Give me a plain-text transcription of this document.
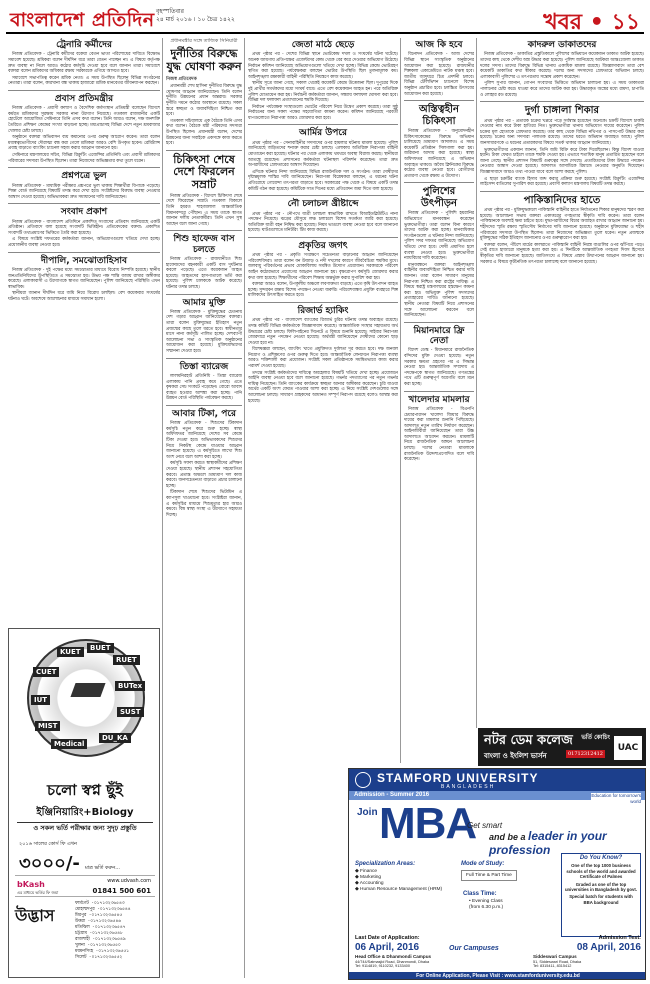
বাংলাদেশ প্রতিদিন বৃহস্পতিবার
২৪ মার্চ ২০১৬ । ১০ চৈত্র ১৪২২	খবর • ১১
ট্রেনারি কর্মীদের

নিজস্ব প্রতিবেদক - ট্রেনারি কর্মীদের বকেয়া বেতন ভাতা পরিশোধের দাবিতে বিক্ষোভ সমাবেশ হয়েছে। শ্রমিকরা বলেন দীর্ঘদিন ধরে তারা বেতন পাচ্ছেন না। এ বিষয়ে কর্তৃপক্ষ দ্রুত ব্যবস্থা না নিলে আরও কঠোর কর্মসূচি দেওয়া হবে বলে জানান তারা। সমাবেশে বক্তারা বলেন শ্রমিকদের অধিকার রক্ষায় সরকারকে এগিয়ে আসতে হবে।

সমাবেশে সভাপতিত্ব করেন শ্রমিক নেতা। এ সময় উপস্থিত ছিলেন বিভিন্ন সংগঠনের নেতারা। তারা বলেন, কারখানা বন্ধ থাকায় হাজারো শ্রমিক মানবেতর জীবনযাপন করছেন।

প্রবাস প্রতিমন্ত্রীর

নিজস্ব প্রতিবেদক - প্রবাসী কল্যাণ ও বৈদেশিক কর্মসংস্থান প্রতিমন্ত্রী বলেছেন বিদেশে কর্মরত শ্রমিকদের সুরক্ষায় সরকার নানা উদ্যোগ নিয়েছে। গতকাল রাজধানীর একটি হোটেলে আয়োজিত সেমিনারে তিনি এসব কথা বলেন। তিনি আরও বলেন, দক্ষ জনশক্তি তৈরিতে প্রশিক্ষণ কেন্দ্রের সংখ্যা বাড়ানো হচ্ছে। মধ্যপ্রাচ্যসহ বিভিন্ন দেশে নতুন শ্রমবাজার খোলার চেষ্টা চলছে।

অনুষ্ঠানে বক্তারা অভিবাসন ব্যয় কমানোর ওপর গুরুত্ব আরোপ করেন। তারা বলেন মধ্যস্বত্বভোগীদের দৌরাত্ম্য বন্ধ করা গেলে শ্রমিকরা আরও বেশি উপকৃত হবেন। রেমিট্যান্স প্রবাহ বাড়াতে ব্যাংকিং চ্যানেল সহজ করার আহ্বান জানানো হয়।

সেমিনারে মন্ত্রণালয়ের সচিব, বিভিন্ন রিক্রুটিং এজেন্সির প্রতিনিধি এবং প্রবাসী শ্রমিকদের পরিবারের সদস্যরা উপস্থিত ছিলেন। তারা নিজেদের অভিজ্ঞতার কথা তুলে ধরেন।

প্রশ্নপত্রে ভুল

নিজস্ব প্রতিবেদক - মাধ্যমিক পরীক্ষার প্রশ্নপত্রে ভুল থাকায় শিক্ষার্থীরা বিপাকে পড়েছে। শিক্ষা বোর্ড জানিয়েছে বিষয়টি তদন্ত করে দেখা হবে। সংশ্লিষ্টদের বিরুদ্ধে ব্যবস্থা নেওয়ার আশ্বাস দেওয়া হয়েছে। অভিভাবকরা দ্রুত সমাধানের দাবি জানিয়েছেন।

সংবাদ প্রকাশ

নিজস্ব প্রতিবেদক - বাংলাদেশ প্রতিদিনে প্রকাশিত সংবাদের প্রতিবাদ জানিয়েছে একটি প্রতিষ্ঠান। প্রতিবাদে বলা হয়েছে সংবাদটি ভিত্তিহীন। প্রতিবেদকের বক্তব্য: প্রকাশিত সংবাদটি তথ্যপ্রমাণের ভিত্তিতে তৈরি করা হয়েছে।

এ বিষয়ে সংশ্লিষ্ট দফতরের কর্মকর্তারা জানান, অভিযোগগুলো খতিয়ে দেখা হচ্ছে। প্রয়োজনীয় ব্যবস্থা নেওয়া হবে।

দীপালি, সমঝোতাহিসাব

নিজস্ব প্রতিবেদক - দুই পক্ষের মধ্যে সমঝোতার মাধ্যমে বিরোধ নিষ্পত্তি হয়েছে। স্থানীয় জনপ্রতিনিধিদের উপস্থিতিতে এ সমঝোতা হয়। উভয় পক্ষ শান্তি বজায় রাখার অঙ্গীকার করেছে। এলাকাবাসী এ উদ্যোগকে স্বাগত জানিয়েছেন। পুলিশ জানিয়েছে পরিস্থিতি এখন স্বাভাবিক।

স্থানীয়রা জানান দীর্ঘদিন ধরে জমি নিয়ে বিরোধ চলছিল। বেশ কয়েকবার সংঘর্ষের ঘটনাও ঘটে। অবশেষে আলোচনার মাধ্যমে সমাধান হলো।

CUET
KUET	BUET
RUET
BUTex
IUT
SUST
MIST
Medical
DU_KA
চলো স্বপ্ন ছুঁই
ইঞ্জিনিয়ারিং+Biology
ও সকল ভর্তি পরীক্ষার জন্য সুদৃঢ় প্রস্তুতি
২০১৬ সালের কোর্স ফি এখন
৩০০০/- মাত্র ভর্তি করুন...
bKash
এর মাধ্যমে ভর্তির ফি জমা
www.udvash.com
01841 500 601
উদ্ভাস
ফার্মগেট -০১৭১৩২৩৬৫৪৩
মোহাম্মদপুর -০১৭১৩২৩৬৫৪৪
মিরপুর -০১৭১৩২৩৬৫৪৫
উত্তরা -০১৭১৩২৩৬৫৪৬
মতিঝিল -০১৭১৩২৩৬৫৪৭
চট্টগ্রাম -০১৭১৩২৩৬৫৪৮
রাজশাহী -০১৭১৩২৩৬৫৪৯
খুলনা -০১৭১৩২৩৬৫৫০
ময়মনসিংহ -০১৭১৩২৩৬৫৫১
সিলেট -০১৭১৩২৩৬৫৫২
প্রধানমন্ত্রীর সঙ্গে তাজিক সিনিয়ারী
দুর্নীতির বিরুদ্ধে যুদ্ধ ঘোষণা করুন
নিজস্ব প্রতিবেদক

প্রধানমন্ত্রী শেখ হাসিনা দুর্নীতির বিরুদ্ধে যুদ্ধ ঘোষণার আহ্বান জানিয়েছেন। তিনি বলেন দুর্নীতি উন্নয়নের প্রধান অন্তরায়। সরকার দুর্নীতি দমনে কঠোর অবস্থানে রয়েছে। সকল স্তরে স্বচ্ছতা ও জবাবদিহিতা নিশ্চিত করা হবে।

গতকাল সচিবালয়ে এক বৈঠকে তিনি এসব কথা বলেন। বৈঠকে মন্ত্রী পরিষদের সদস্যরা উপস্থিত ছিলেন। প্রধানমন্ত্রী বলেন, দেশের উন্নয়নের জন্য সবাইকে একসঙ্গে কাজ করতে হবে।

চিকিৎসা শেষে দেশে ফিরলেন সম্রাট

নিজস্ব প্রতিবেদক - বিদেশে চিকিৎসা শেষে দেশে ফিরেছেন সম্রাট। গতকাল বিকালে তিনি হযরত শাহজালাল আন্তর্জাতিক বিমানবন্দরে পৌঁছান। এ সময় তাকে স্বাগত জানান দলীয় নেতাকর্মীরা। তিনি এখন সুস্থ আছেন বলে জানা গেছে।

শিশু হাফেজ বাস চলতে

নিজস্ব প্রতিবেদক - রাজধানীতে শিশু হাফেজদের বহনকারী একটি বাস দুর্ঘটনার কবলে পড়েছে। এতে কয়েকজন আহত হয়েছে। আহতদের হাসপাতালে ভর্তি করা হয়েছে। পুলিশ চালককে আটক করেছে। ঘটনার তদন্ত চলছে।

আমার মুক্তি

নিজস্ব প্রতিবেদক - মুক্তিযুদ্ধের চেতনায় দেশ গড়ার আহ্বান জানিয়েছেন বক্তারা। তারা বলেন মুক্তিযুদ্ধের ইতিহাস নতুন প্রজন্মের কাছে তুলে ধরতে হবে। স্বাধীনতার মাসে নানা কর্মসূচি পালিত হচ্ছে। দেশব্যাপী আলোচনা সভা ও সাংস্কৃতিক অনুষ্ঠানের আয়োজন করা হয়েছে। মুক্তিযোদ্ধাদের সম্মাননা দেওয়া হবে।

তিস্তা ব্যারেজ

লালমনিরহাট প্রতিনিধি - তিস্তা ব্যারেজ এলাকায় পানি প্রবাহ কমে গেছে। এতে কৃষকরা সেচ সংকটে পড়েছেন। বোরো আবাদ ব্যাহত হওয়ার আশঙ্কা করা হচ্ছে। পানি উন্নয়ন বোর্ড পরিস্থিতি পর্যবেক্ষণ করছে।

আবার টিকা, পরে

নিজস্ব প্রতিবেদক - শিশুদের টিকাদান কর্মসূচি নতুন করে শুরু হচ্ছে। স্বাস্থ্য অধিদফতর জানিয়েছে দেশের সব কেন্দ্রে টিকা দেওয়া হবে। অভিভাবকদের শিশুদের নিয়ে নিকটস্থ কেন্দ্রে যাওয়ার আহ্বান জানানো হয়েছে। এ কর্মসূচিতে লাখো শিশু অংশ নেবে বলে আশা করা হচ্ছে।

কর্মসূচি সফল করতে স্বাস্থ্যকর্মীদের প্রশিক্ষণ দেওয়া হয়েছে। স্থানীয় প্রশাসন সহযোগিতা করবে। প্রত্যন্ত অঞ্চলে ভ্রাম্যমাণ দল কাজ করবে। জনসচেতনতা বাড়াতে প্রচার চালানো হচ্ছে।

টিকাদান শেষে শিশুদের ভিটামিন এ ক্যাপসুল খাওয়ানো হবে। সংশ্লিষ্টরা জানান, এ কর্মসূচির মাধ্যমে শিশুমৃত্যুর হার আরও কমবে। বিশ্ব স্বাস্থ্য সংস্থা এ উদ্যোগে সহায়তা দিচ্ছে।

জেতা মাঠে ছেড়ে

প্রথম পৃষ্ঠার পর - দেশের বিভিন্ন স্থানে ভোটকেন্দ্র দখল ও সংঘর্ষের ঘটনা ঘটেছে। অনেক জায়গায় প্রতিপক্ষের এজেন্টদের কেন্দ্র থেকে বের করে দেওয়ার অভিযোগ উঠেছে। নির্বাচন কমিশন জানিয়েছে অভিযোগগুলো খতিয়ে দেখা হচ্ছে। বিভিন্ন কেন্দ্রে ভোটগ্রহণ স্থগিত করা হয়েছে। পর্যবেক্ষকরা বলছেন ভোটার উপস্থিতি ছিল তুলনামূলক কম। আইনশৃঙ্খলা রক্ষাকারী বাহিনী পরিস্থিতি নিয়ন্ত্রণে কাজ করেছে।

স্থানীয় সূত্রে জানা গেছে, সকাল থেকেই কয়েকটি কেন্দ্রে উত্তেজনা ছিল। দুপুরের দিকে দুই প্রার্থীর সমর্থকদের মধ্যে সংঘর্ষ বাধে। এতে বেশ কয়েকজন আহত হন। পরে অতিরিক্ত পুলিশ মোতায়েন করা হয়। নির্বাচনী কর্মকর্তারা জানান, সন্ধ্যায় ফলাফল ঘোষণা করা হবে। বিভিন্ন দল ফলাফল প্রত্যাখ্যানের হুমকি দিয়েছে।

নির্বাচন পর্যবেক্ষক সংস্থাগুলো ভোটের পরিবেশ নিয়ে উদ্বেগ প্রকাশ করেছে। তারা সুষ্ঠু নির্বাচনের জন্য সকল পক্ষের সহযোগিতা কামনা করেন। কমিশন জানিয়েছে পরবর্তী ধাপগুলোতে নিরাপত্তা আরও জোরদার করা হবে।

আর্মির উপরে

প্রথম পৃষ্ঠার পর - সেনাবাহিনীর সদস্যদের ওপর হামলার ঘটনায় মামলা হয়েছে। পুলিশ জানিয়েছে জড়িতদের শনাক্ত করার চেষ্টা চলছে। এলাকায় অতিরিক্ত নিরাপত্তা বাহিনী মোতায়েন করা হয়েছে। ঘটনার পর থেকে এলাকায় থমথমে অবস্থা বিরাজ করছে। স্থানীয়রা আতঙ্কে রয়েছেন। প্রশাসনের কর্মকর্তারা ঘটনাস্থল পরিদর্শন করেছেন। তারা দ্রুত অপরাধীদের গ্রেফতারের আশ্বাস দিয়েছেন।

এদিকে ঘটনার নিন্দা জানিয়েছে বিভিন্ন রাজনৈতিক দল ও সংগঠন। তারা দোষীদের দৃষ্টান্তমূলক শাস্তির দাবি জানিয়েছেন। নিরাপত্তা বিশ্লেষকরা বলছেন, এ ধরনের ঘটনা প্রতিরোধে গোয়েন্দা তৎপরতা বাড়াতে হবে। সরকারের পক্ষ থেকে এ বিষয়ে একটি তদন্ত কমিটি গঠন করা হয়েছে। কমিটিকে সাত দিনের মধ্যে প্রতিবেদন জমা দিতে বলা হয়েছে।

নৌ চলাচল খ্রীষ্টাব্দে

প্রথম পৃষ্ঠার পর - নৌপথে যাত্রী চলাচল স্বাভাবিক রাখতে বিআইডব্লিউটিএ নানা পদক্ষেপ নিয়েছে। ঝড়ের মৌসুমে লঞ্চ চলাচলে বিশেষ সতর্কতা জারি করা হয়েছে। অতিরিক্ত যাত্রী বহন নিষিদ্ধ করা হয়েছে। নিয়ম ভাঙলে ব্যবস্থা নেওয়া হবে বলে জানানো হয়েছে। ঘাটগুলোতে মনিটরিং টিম কাজ করছে।

প্রকৃতির জগৎ

প্রথম পৃষ্ঠার পর - প্রকৃতি সংরক্ষণে সচেতনতা বাড়ানোর আহ্বান জানিয়েছেন পরিবেশবিদরা। তারা বলেন বন উজাড় ও নদী দখলের কারণে জীববৈচিত্র্য হুমকির মুখে। জলবায়ু পরিবর্তনের প্রভাব মোকাবিলায় সমন্বিত উদ্যোগ প্রয়োজন। সরকারকে পরিবেশ আইন কঠোরভাবে প্রয়োগের আহ্বান জানানো হয়। বৃক্ষরোপণ কর্মসূচি জোরদার করার কথা বলা হয়েছে। শিক্ষার্থীদের পরিবেশ শিক্ষায় অন্তর্ভুক্ত করার সুপারিশ করা হয়।

বক্তারা আরও বলেন, উপকূলীয় অঞ্চলে লবণাক্ততা বাড়ছে। এতে কৃষি উৎপাদন ব্যাহত হচ্ছে। সুন্দরবন রক্ষায় বিশেষ পদক্ষেপ নেওয়া জরুরি। পরিবেশবান্ধব প্রযুক্তি ব্যবহারে শিল্প মালিকদের উৎসাহিত করতে হবে।

রিজার্ভ হ্যাকিং

প্রথম পৃষ্ঠার পর - বাংলাদেশ ব্যাংকের রিজার্ভ চুরির ঘটনায় তদন্ত অব্যাহত রয়েছে। তদন্ত কমিটি বিভিন্ন কর্মকর্তাকে জিজ্ঞাসাবাদ করেছে। আন্তর্জাতিক সংস্থার সহায়তায় অর্থ উদ্ধারের চেষ্টা চলছে। ফিলিপাইনের সিনেটে এ বিষয়ে শুনানি হয়েছে। সাইবার নিরাপত্তা জোরদারে নতুন পদক্ষেপ নেওয়া হয়েছে। অর্থমন্ত্রী জানিয়েছেন দোষীদের কোনো ছাড় দেওয়া হবে না।

বিশেষজ্ঞরা বলছেন, ব্যাংকিং খাতে প্রযুক্তিগত দুর্বলতা দূর করতে হবে। দক্ষ জনবল নিয়োগ ও প্রশিক্ষণের ওপর গুরুত্ব দিতে হবে। আন্তর্জাতিক লেনদেনে নিরাপত্তা ব্যবস্থা আরও শক্তিশালী করা প্রয়োজন। সংশ্লিষ্ট সকল প্রতিষ্ঠানকে সমন্বিতভাবে কাজ করার পরামর্শ দেওয়া হয়েছে।

তদন্তে সংশ্লিষ্ট কর্মকর্তাদের দায়িত্বে অবহেলার বিষয়টি খতিয়ে দেখা হচ্ছে। প্রয়োজনে আইনি ব্যবস্থা নেওয়া হবে বলে জানানো হয়েছে। গভর্নর পদত্যাগের পর নতুন গভর্নর দায়িত্ব নিয়েছেন। তিনি ব্যাংকের কার্যক্রমে স্বচ্ছতা আনার অঙ্গীকার করেছেন। চুরি যাওয়া অর্থের একটি অংশ ফেরত পাওয়ার আশা করা হচ্ছে। এ নিয়ে সংশ্লিষ্ট দেশগুলোর সঙ্গে আলোচনা চলছে। সাধারণ গ্রাহকদের আমানত সম্পূর্ণ নিরাপদ রয়েছে বলেও আশ্বস্ত করা হয়েছে।

আজ কি হবে

বিনোদন প্রতিবেদক - আজ দেশের বিভিন্ন স্থানে সাংস্কৃতিক অনুষ্ঠানের আয়োজন করা হয়েছে। রাজধানীর শিল্পকলা একাডেমিতে নাটক মঞ্চস্থ হবে। জাতীয় জাদুঘরে চিত্র প্রদর্শনী চলবে। বিভিন্ন টেলিভিশন চ্যানেলে বিশেষ অনুষ্ঠান প্রচারিত হবে। চলচ্চিত্র উৎসবের আয়োজন করা হয়েছে।

অস্তিত্বহীন চিকিৎসা

নিজস্ব প্রতিবেদক - অনুমোদনহীন চিকিৎসাকেন্দ্রের বিরুদ্ধে অভিযান চালিয়েছে ভ্রাম্যমাণ আদালত। এ সময় কয়েকটি প্রতিষ্ঠান সিলগালা করা হয়। জরিমানা আদায় করা হয়েছে। স্বাস্থ্য অধিদফতর জানিয়েছে এ অভিযান অব্যাহত থাকবে। অবৈধ ক্লিনিকের বিরুদ্ধে কঠোর ব্যবস্থা নেওয়া হবে। রোগীদের প্রতারণা থেকে রক্ষায় এ উদ্যোগ।

পুলিশের উৎপীড়ন

নিজস্ব প্রতিবেদক - পুলিশি হয়রানির অভিযোগে মানববন্ধন করেছেন ভুক্তভোগীরা। তারা বলেন বিনা কারণে তাদের আটক করা হচ্ছে। মানবাধিকার সংগঠনগুলো এ ঘটনার নিন্দা জানিয়েছে। পুলিশ সদর দফতর জানিয়েছে অভিযোগ খতিয়ে দেখা হবে। দোষী প্রমাণিত হলে ব্যবস্থা নেওয়া হবে। ভুক্তভোগীরা ন্যায়বিচার দাবি করেছেন।

মানববন্ধনে বক্তারা আইনশৃঙ্খলা বাহিনীর জবাবদিহিতা নিশ্চিত করার দাবি জানান। তারা বলেন সাধারণ মানুষের নিরাপত্তা নিশ্চিত করা রাষ্ট্রের দায়িত্ব। এ বিষয়ে স্বরাষ্ট্র মন্ত্রণালয়ের হস্তক্ষেপ কামনা করা হয়। অভিযুক্ত পুলিশ সদস্যদের প্রত্যাহারের দাবিও জানানো হয়েছে। স্থানীয় নেতারা বিষয়টি নিয়ে প্রশাসনের সঙ্গে আলোচনা করবেন বলে জানিয়েছেন।

মিয়ানমারে ফ্রি নেতা

বিদেশ ডেস্ক - মিয়ানমারে রাজনৈতিক বন্দিদের মুক্তি দেওয়া হয়েছে। নতুন সরকার ক্ষমতা গ্রহণের পর এ সিদ্ধান্ত নেওয়া হয়। আন্তর্জাতিক সম্প্রদায় এ পদক্ষেপকে স্বাগত জানিয়েছে। গণতন্ত্রের পথে এটি গুরুত্বপূর্ণ অগ্রগতি বলে মনে করা হচ্ছে।

খালেদার মামলার

নিজস্ব প্রতিবেদক - বিএনপি চেয়ারপারসন খালেদা জিয়ার বিরুদ্ধে দায়ের করা মামলার শুনানি পিছিয়েছে। আদালত নতুন তারিখ নির্ধারণ করেছেন। আইনজীবীরা জানিয়েছেন তারা উচ্চ আদালতে আবেদন করবেন। মামলাটি নিয়ে রাজনৈতিক অঙ্গনে আলোচনা চলছে। দলের নেতারা মামলাকে রাজনৈতিক উদ্দেশ্যপ্রণোদিত বলে দাবি করেছেন।

কাদরুল ডাকাতদের

নিজস্ব প্রতিবেদক - ডাকাতির প্রস্তুতিকালে পুলিশের অভিযানে কয়েকজন ডাকাত আটক হয়েছে। তাদের কাছ থেকে দেশীয় অস্ত্র উদ্ধার করা হয়েছে। পুলিশ জানিয়েছে আটকরা আন্তঃজেলা ডাকাত দলের সদস্য। তাদের বিরুদ্ধে বিভিন্ন থানায় একাধিক মামলা রয়েছে। জিজ্ঞাসাবাদে তারা বেশ কয়েকটি ডাকাতির কথা স্বীকার করেছে। দলের অন্য সদস্যদের গ্রেফতারে অভিযান চলছে। এলাকাবাসী পুলিশের এ তৎপরতায় সন্তোষ প্রকাশ করেছেন।

পুলিশ সুপার জানান, গোপন সংবাদের ভিত্তিতে অভিযান চালানো হয়। এ সময় ডাকাতরা পালানোর চেষ্টা করে। ধাওয়া করে তাদের আটক করা হয়। উদ্ধারকৃত অস্ত্রের মধ্যে রামদা, চাপাতি ও লোহার রড রয়েছে।

দুর্গা চাঙ্গালা শিকার

প্রথম পৃষ্ঠার পর - প্রতারক চক্রের খপ্পরে পড়ে সর্বস্বান্ত হয়েছেন অনেকে। চক্রটি বিদেশে চাকরি দেওয়ার নাম করে টাকা হাতিয়ে নিত। ভুক্তভোগীরা থানায় অভিযোগ দায়ের করেছেন। পুলিশ চক্রের মূল হোতাকে গ্রেফতার করেছে। তার কাছ থেকে বিভিন্ন নথিপত্র ও পাসপোর্ট উদ্ধার করা হয়েছে। চক্রের অন্য সদস্যরা পলাতক রয়েছে। তাদের ধরতে অভিযান অব্যাহত আছে। পুলিশ জনসাধারণকে এ ধরনের প্রতারকদের বিষয়ে সতর্ক থাকার আহ্বান জানিয়েছে।

ভুক্তভোগীদের একজন জানান, তিনি জমি বিক্রি করে টাকা দিয়েছিলেন। কিন্তু বিদেশ যাওয়া হয়নি। টাকা ফেরত চাইলে তাকে হুমকি দেওয়া হয়। এভাবে শতাধিক মানুষ প্রতারিত হয়েছেন বলে জানা গেছে। স্থানীয় প্রশাসন বিষয়টি গুরুত্বের সঙ্গে দেখছে। প্রতারিতদের টাকা উদ্ধারে পদক্ষেপ নেওয়ার আশ্বাস দেওয়া হয়েছে। আদালত আসামিকে রিমান্ডে নেওয়ার অনুমতি দিয়েছেন। জিজ্ঞাসাবাদে আরও তথ্য পাওয়া যাবে বলে আশা করছে পুলিশ।

এ ছাড়া চক্রটির ব্যাংক হিসাব জব্দ করার প্রক্রিয়া শুরু হয়েছে। সংশ্লিষ্ট রিক্রুটিং এজেন্সির লাইসেন্স বাতিলের সুপারিশ করা হয়েছে। প্রবাসী কল্যাণ মন্ত্রণালয় বিষয়টি তদন্ত করছে।

পাকিস্তানিদের হাতে

প্রথম পৃষ্ঠার পর - মুক্তিযুদ্ধকালে পাকিস্তানি বাহিনীর হাতে নির্যাতনের শিকার মানুষদের স্মরণ করা হয়েছে। আলোচনা সভায় বক্তারা একাত্তরের গণহত্যার স্বীকৃতি দাবি করেন। তারা বলেন পাকিস্তানকে অবশ্যই ক্ষমা চাইতে হবে। যুদ্ধাপরাধীদের বিচার অব্যাহত রাখার আহ্বান জানানো হয়। শহীদদের স্মৃতি রক্ষায় স্মৃতিসৌধ নির্মাণের দাবি জানানো হয়েছে। অনুষ্ঠানে মুক্তিযোদ্ধা ও শহীদ পরিবারের সদস্যরা উপস্থিত ছিলেন। তারা নিজেদের অভিজ্ঞতা তুলে ধরেন। নতুন প্রজন্মকে মুক্তিযুদ্ধের সঠিক ইতিহাস জানানোর ওপর গুরুত্বারোপ করা হয়।

বক্তারা বলেন, পঁচিশে মার্চের কালরাতে পাকিস্তানি বাহিনী নিরস্ত্র বাঙালির ওপর ঝাঁপিয়ে পড়ে। সেই রাতে হাজারো মানুষকে হত্যা করা হয়। এ দিনটিকে আন্তর্জাতিক গণহত্যা দিবস হিসেবে স্বীকৃতির দাবি জানানো হয়েছে। জাতিসংঘে এ বিষয়ে প্রস্তাব উত্থাপনের আহ্বান জানানো হয়। সরকার এ বিষয়ে কূটনৈতিক তৎপরতা চালাচ্ছে বলে জানানো হয়েছে।

নটর ডেম কলেজ
বাংলা ও ইংলিশ ভার্সন	01712312412
ভর্তি কোচিং
UAC
STAMFORD UNIVERSITY
BANGLADESH
Admission - Summer 2016	Education for tomorrow's world
Join MBA
Get smart
and be a leader in your profession
Specialization Areas:
◆ Finance
◆ Marketing
◆ Accounting
◆ Human Resource Management (HRM)
Mode of Study:
Full Time & Part Time
Class Time:
• Evening Class
(from 6.30 p.m.)
Do You Know?
One of the top 1000 business schools of the world and awarded Certificate of Palmes
Graded as one of the top universities in Bangladesh by govt.
Special batch for students with BBA background
Last Date of Application:
06 April, 2016	Our Campuses
Admission Test:
08 April, 2016
Head Office & Dhanmondi Campus
44/744/Satmasjid Road, Dhanmondi, Dhaka
Tel: 9114819, 9110232, 9133400
Siddeswari Campus
51, Siddeswari Road, Dhaka
Tel: 8315411, 8315412
For Online Application, Please Visit : www.stamforduniversity.edu.bd
